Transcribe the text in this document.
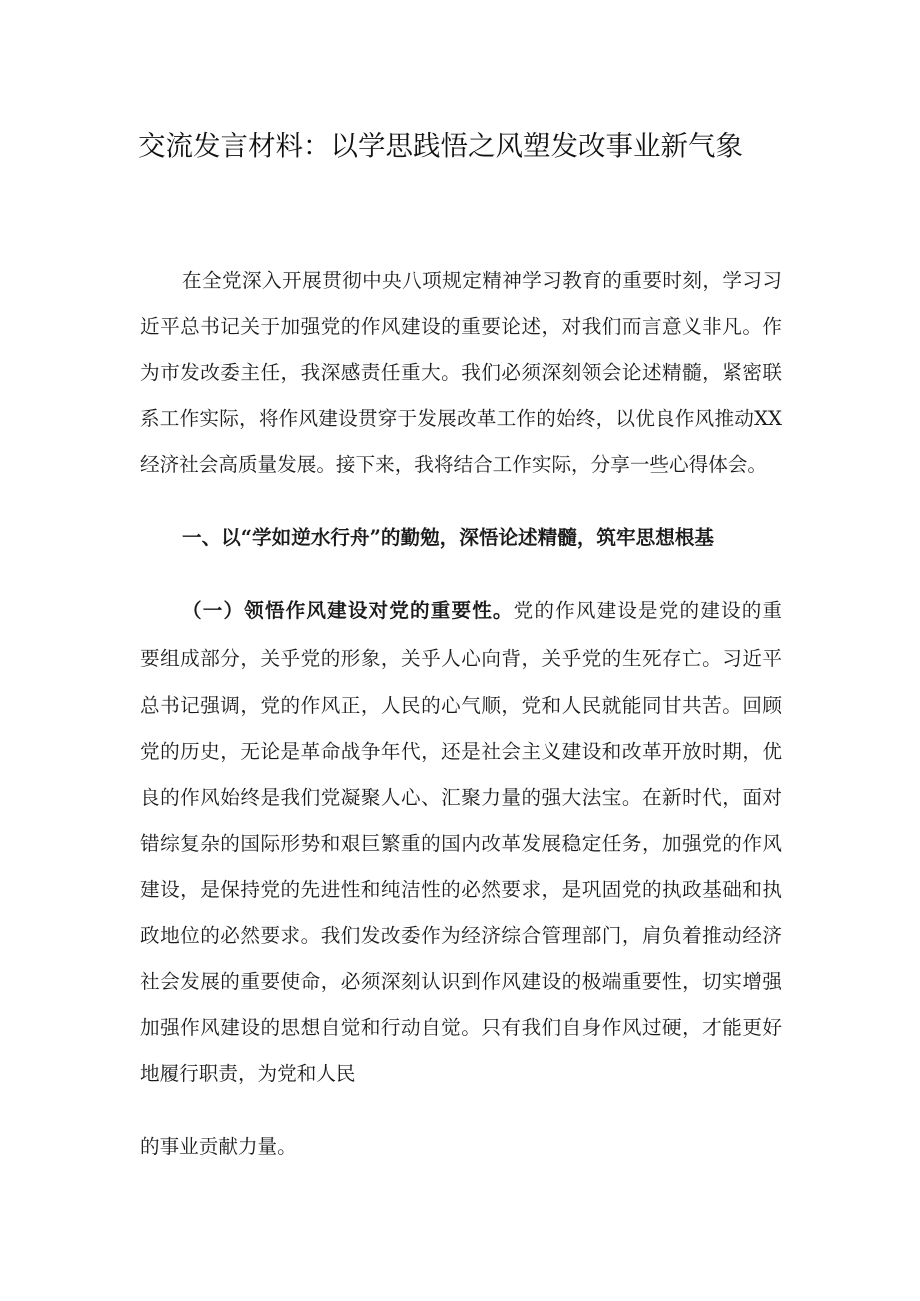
交流发言材料：以学思践悟之风塑发改事业新气象
在全党深入开展贯彻中央八项规定精神学习教育的重要时刻，学习习
近平总书记关于加强党的作风建设的重要论述，对我们而言意义非凡。作
为市发改委主任，我深感责任重大。我们必须深刻领会论述精髓，紧密联
系工作实际，将作风建设贯穿于发展改革工作的始终，以优良作风推动XX
经济社会高质量发展。接下来，我将结合工作实际，分享一些心得体会。
一、以“学如逆水行舟”的勤勉，深悟论述精髓，筑牢思想根基
（一）领悟作风建设对党的重要性。党的作风建设是党的建设的重
要组成部分，关乎党的形象，关乎人心向背，关乎党的生死存亡。习近平
总书记强调，党的作风正，人民的心气顺，党和人民就能同甘共苦。回顾
党的历史，无论是革命战争年代，还是社会主义建设和改革开放时期，优
良的作风始终是我们党凝聚人心、汇聚力量的强大法宝。在新时代，面对
错综复杂的国际形势和艰巨繁重的国内改革发展稳定任务，加强党的作风
建设，是保持党的先进性和纯洁性的必然要求，是巩固党的执政基础和执
政地位的必然要求。我们发改委作为经济综合管理部门，肩负着推动经济
社会发展的重要使命，必须深刻认识到作风建设的极端重要性，切实增强
加强作风建设的思想自觉和行动自觉。只有我们自身作风过硬，才能更好
地履行职责，为党和人民
的事业贡献力量。
